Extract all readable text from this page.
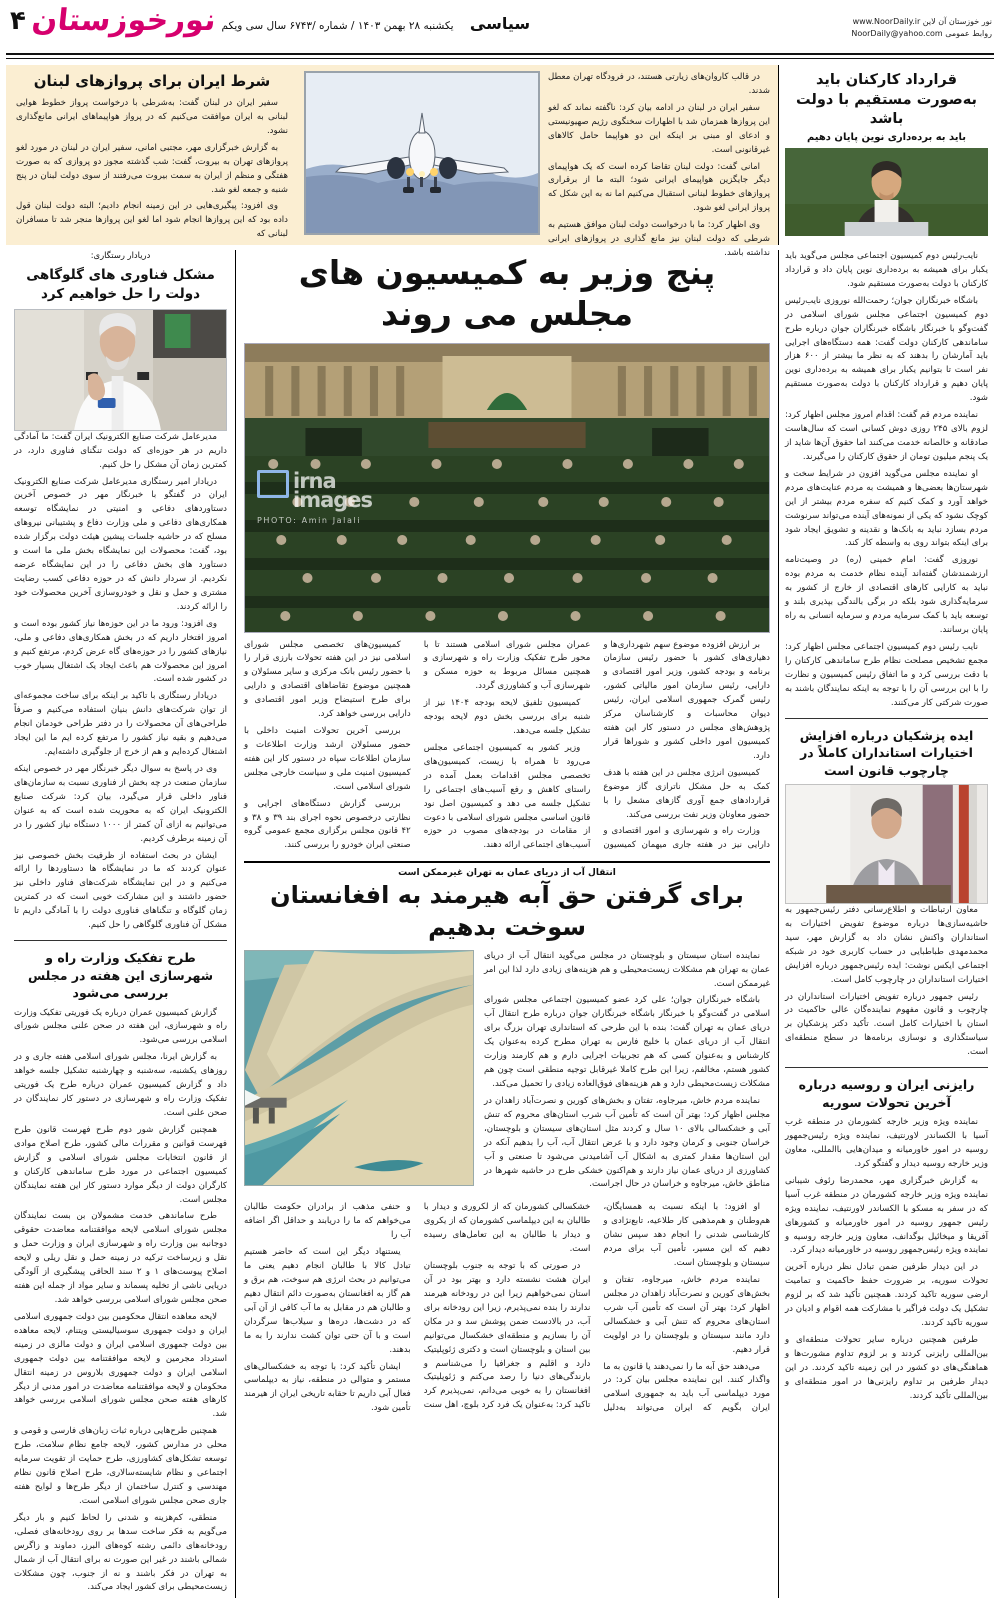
نور خوزستان آن لاین www.NoorDaily.ir
روابط عمومی NoorDaily@yahoo.com
سیاسی
یکشنبه ۲۸ بهمن ۱۴۰۳ / شماره /۶۷۴۳ سال سی ویکم
نورخوزستان
۴
قرارداد کارکنان باید به‌صورت مستقیم با دولت باشد
باید به برده‌داری نوین پایان دهیم

در قالب کاروان‌های زیارتی هستند، در فرودگاه تهران معطل شدند.

سفیر ایران در لبنان در ادامه بیان کرد: ناگفته نماند که لغو این پروازها همزمان شد با اظهارات سخنگوی رژیم صهیونیستی و ادعای او مبنی بر اینکه این دو هواپیما حامل کالاهای غیرقانونی است.

امانی گفت: دولت لبنان تقاضا کرده است که یک هواپیمای دیگر جایگزین هواپیمای ایرانی شود؛ البته ما از برقراری پروازهای خطوط لبنانی استقبال می‌کنیم اما نه به این شکل که پرواز ایرانی لغو شود.

وی اظهار کرد: ما با درخواست دولت لبنان موافق هستیم به شرطی که دولت لبنان نیز مانع گذاری در پروازهای ایرانی نداشته باشد.

شرط ایران برای پروازهای لبنان

سفیر ایران در لبنان گفت: به‌شرطی با درخواست پرواز خطوط هوایی لبنانی به ایران موافقت می‌کنیم که در پرواز هواپیماهای ایرانی مانع‌گذاری نشود.

به گزارش خبرگزاری مهر، مجتبی امانی، سفیر ایران در لبنان در مورد لغو پروازهای تهران به بیروت، گفت: شب گذشته مجوز دو پروازی که به صورت هفتگی و منظم از ایران به سمت بیروت می‌رفتند از سوی دولت لبنان در پنج شنبه و جمعه لغو شد.

وی افزود: پیگیری‌هایی در این زمینه انجام دادیم؛ البته دولت لبنان قول داده بود که این پروازها انجام شود اما لغو این پروازها منجر شد تا مسافران لبنانی که

نایب‌رئیس دوم کمیسیون اجتماعی مجلس می‌گوید باید یکبار برای همیشه به برده‌داری نوین پایان داد و قرارداد کارکنان با دولت به‌صورت مستقیم شود.

باشگاه خبرنگاران جوان؛ رحمت‌الله نوروزی نایب‌رئیس دوم کمیسیون اجتماعی مجلس شورای اسلامی در گفت‌وگو با خبرنگار باشگاه خبرنگاران جوان درباره طرح ساماندهی کارکنان دولت گفت: همه دستگاه‌های اجرایی باید آمارشان را بدهند که به نظر ما بیشتر از ۶۰۰ هزار نفر است تا بتوانیم یکبار برای همیشه به برده‌داری نوین پایان دهیم و قرارداد کارکنان با دولت به‌صورت مستقیم شود.

نماینده مردم قم گفت: اقدام امروز مجلس اظهار کرد: لزوم بالای ۲۴۵ روزی دوش کسانی است که سال‌هاست صادقانه و خالصانه خدمت می‌کنند اما حقوق آن‌ها شاید از یک پنجم میلیون تومان از حقوق کارکنان را می‌گیرند.

او نماینده مجلس می‌گوید افزون در شرایط سخت و شهرستان‌ها بعضی‌ها و همیشت به مردم عنایت‌های مردم خواهد آورد و کمک کنیم که سفره مردم بیشتر از این کوچک نشود که یکی از نمونه‌های آینده می‌تواند سرنوشت مردم بسازد نباید به بانک‌ها و نقدینه و تشویق ایجاد شود برای اینکه بتواند روی به واسطه کار کند.

نوروزی گفت: امام خمینی (ره) در وصیت‌نامه ارزشمندشان گفته‌اند آینده نظام خدمت به مردم بوده نباید به کارایی کارهای اقتصادی از خارج از کشور به سرمایه‌گذاری شود بلکه در برگی بالندگی بپذیری بلند و توسعه باید با کمک سرمایه مردم و سرمایه انسانی به راه پایان برسانند.

نایب رئیس دوم کمیسیون اجتماعی مجلس اظهار کرد: مجمع تشخیص مصلحت نظام طرح ساماندهی کارکنان را با دقت بررسی کرد و ما اتفاق رئیس کمیسیون و نظارت را با این بررسی آن را با توجه به اینکه نمایندگان باشند به صورت شرکتی کار می‌کنند.

ایده پزشکیان درباره افزایش اختیارات استانداران کاملاً در چارچوب قانون است

معاون ارتباطات و اطلاع‌رسانی دفتر رئیس‌جمهور به حاشیه‌سازی‌ها درباره موضوع تفویض اختیارات به استانداران واکنش نشان داد به گزارش مهر، سید محمدمهدی طباطبایی در حساب کاربری خود در شبکه اجتماعی ایکس نوشت: ایده رئیس‌جمهور درباره افزایش اختیارات استانداران در چارچوب کامل است.

رئیس جمهور درباره تفویض اختیارات استانداران در چارچوب و قانون مفهوم نماینده‌گان عالی حاکمیت در استان با اختیارات کامل است. تأکید دکتر پزشکیان بر سیاستگذاری و نوسازی برنامه‌ها در سطح منطقه‌ای است.

رایزنی ایران و روسیه درباره آخرین تحولات سوریه

نماینده ویژه وزیر خارجه کشورمان در منطقه غرب آسیا با الکساندر لاورنتیف، نماینده ویژه رئیس‌جمهور روسیه در امور خاورمیانه و میدان‌هایی باالمللی، معاون وزیر خارجه روسیه دیدار و گفتگو کرد.

به گزارش خبرگزاری مهر، محمدرضا رئوف شیبانی نماینده ویژه وزیر خارجه کشورمان در منطقه غرب آسیا که در سفر به مسکو با الکساندر لاورنتیف، نماینده ویژه رئیس جمهور روسیه در امور خاورمیانه و کشورهای آفریقا و میخائیل بوگدانف، معاون وزیر خارجه روسیه و نماینده ویژه رئیس‌جمهور روسیه در خاورمیانه دیدار کرد.

در این دیدار طرفین ضمن تبادل نظر درباره آخرین تحولات سوریه، بر ضرورت حفظ حاکمیت و تمامیت ارضی سوریه تاکید کردند. همچنین تأکید شد که بر لزوم تشکیل یک دولت فراگیر با مشارکت همه اقوام و ادیان در سوریه تاکید کردند.

طرفین همچنین درباره سایر تحولات منطقه‌ای و بین‌المللی رایزنی کردند و بر لزوم تداوم مشورت‌ها و هماهنگی‌های دو کشور در این زمینه تاکید کردند. در این دیدار طرفین بر تداوم رایزنی‌ها در امور منطقه‌ای و بین‌المللی تأکید کردند.

پنج وزیر به کمیسیون های مجلس می روند
irna
images
PHOTO: Amin Jalali

بر ارزش افزوده موضوع سهم شهرداری‌ها و دهیاری‌های کشور با حضور رئیس سازمان برنامه و بودجه کشور، وزیر امور اقتصادی و دارایی، رئیس سازمان امور مالیاتی کشور، رئیس گمرک جمهوری اسلامی ایران، رئیس دیوان محاسبات و کارشناسان مرکز پژوهش‌های مجلس در دستور کار این هفته کمیسیون امور داخلی کشور و شوراها قرار دارد.

کمیسیون انرژی مجلس در این هفته با هدف کمک به حل مشکل ناترازی گاز موضوع قراردادهای جمع آوری گازهای مشعل را با حضور معاونان وزیر نفت بررسی می‌کند.

وزارت راه و شهرسازی و امور اقتصادی و دارایی نیز در هفته جاری میهمان کمیسیون عمران مجلس شورای اسلامی هستند تا با محور طرح تفکیک وزارت راه و شهرسازی و همچنین مسائل مربوط به حوزه مسکن و شهرسازی آب و کشاورزی گردد.

کمیسیون تلفیق لایحه بودجه ۱۴۰۴ نیز از شنبه برای بررسی بخش دوم لایحه بودجه تشکیل جلسه می‌دهد.

وزیر کشور به کمیسیون اجتماعی مجلس می‌رود تا همراه با زیست، کمیسیون‌های تخصصی مجلس اقدامات بعمل آمده در راستای کاهش و رفع آسیب‌های اجتماعی را تشکیل جلسه می دهد و کمیسیون اصل نود قانون اساسی مجلس شورای اسلامی با دعوت از مقامات در بودجه‌های مصوب در حوزه آسیب‌های اجتماعی ارائه دهند.

کمیسیون‌های تخصصی مجلس شورای اسلامی نیز در این هفته تحولات بارزی قرار را با حضور رئیس بانک مرکزی و سایر مسئولان و همچنین موضوع تقاضاهای اقتصادی و دارایی برای طرح استیضاح وزیر امور اقتصادی و دارایی بررسی خواهد کرد.

بررسی آخرین تحولات امنیت داخلی با حضور مسئولان ارشد وزارت اطلاعات و سازمان اطلاعات سپاه در دستور کار این هفته کمیسیون امنیت ملی و سیاست خارجی مجلس شورای اسلامی است.

بررسی گزارش دستگاه‌های اجرایی و نظارتی درخصوص نحوه اجرای بند ۳۹ و ۳۸ و ۴۲ قانون مجلس برگزاری مجمع عمومی گروه صنعتی ایران خودرو را بررسی کنند.

انتقال آب از دریای عمان به تهران غیرممکن است
برای گرفتن حق آبه هیرمند به افغانستان سوخت بدهیم

نماینده استان سیستان و بلوچستان در مجلس می‌گوید انتقال آب از دریای عمان به تهران هم مشکلات زیست‌محیطی و هم هزینه‌های زیادی دارد لذا این امر غیرممکن است.

باشگاه خبرنگاران جوان؛ علی کرد عضو کمیسیون اجتماعی مجلس شورای اسلامی در گفت‌وگو با خبرنگار باشگاه خبرنگاران جوان درباره طرح انتقال آب دریای عمان به تهران گفت: بنده با این طرحی که استانداری تهران بزرگ برای انتقال آب از دریای عمان با خلیج فارس به تهران مطرح کرده به‌عنوان یک کارشناس و به‌عنوان کسی که هم تجربیات اجرایی دارم و هم کارمند وزارت کشور هستم، مخالفم، زیرا این طرح کاملا غیرقابل توجیه منطقی است چون هم مشکلات زیست‌محیطی دارد و هم هزینه‌های فوق‌العاده زیادی را تحمیل می‌کند.

نماینده مردم خاش، میرجاوه، تفتان و بخش‌های کورین و نصرت‌آباد زاهدان در مجلس اظهار کرد: بهتر آن است که تأمین آب شرب استان‌های محروم که تنش آبی و خشکسالی بالای ۱۰ سال و کردند مثل استان‌های سیستان و بلوچستان، خراسان جنوبی و کرمان وجود دارد و با عرض انتقال آب، آب را بدهیم آنکه در این استان‌ها مقدار کمتری به اشکال آب آشامیدنی می‌شود تا صنعتی و آب کشاورزی از دریای عمان نیاز دارند و هم‌اکنون خشکی طرح در حاشیه شهرها در مناطق خاش، میرجاوه و خراسان در حال اجراست.

او افزود: با اینکه نسبت به همسایگان، هم‌وطنان و هم‌مذهبی کار طلاعیه، تابع‌نژادی و کارشناسی شدنی را انجام دهد سپس نشان دهیم که این مسیر، تأمین آب برای مردم سیستان و بلوچستان است.

نماینده مردم خاش، میرجاوه، تفتان و بخش‌های کورین و نصرت‌آباد زاهدان در مجلس اظهار کرد: بهتر آن است که تأمین آب شرب استان‌های محروم که تنش آبی و خشکسالی دارد مانند سیستان و بلوچستان را در اولویت قرار دهیم.

می‌دهند حق آبه ما را نمی‌دهند یا قانون به ما واگذار کنند. این نماینده مجلس بیان کرد: در مورد دیپلماسی آب باید به جمهوری اسلامی ایران بگویم که ایران می‌تواند به‌دلیل خشکسالی کشورمان که از لکروری و دیدار با طالبان به این دیپلماسی کشورمان که از یکروی و دیدار با طالبان به این تعامل‌های رسیده است.

در صورتی که با توجه به جنوب بلوچستان ایران هشت نشسته دارد و بهتر بود در آن استان نمی‌خواهیم زیرا این در رودخانه هیرمند ندارند را بنده نمی‌پذیرم، زیرا این رودخانه برای آب، در بالادست ضمن پوشش سد و در مکان آن را بسازیم و منطقه‌ای خشکسال می‌توانیم بین استان و بلوچستان است و دکتری ژئوپلیتیک دارد و اقلیم و جغرافیا را می‌شناسم و بارندگی‌های دنیا را رصد می‌کنم و ژئوپلیتیک افغانستان را به خوبی می‌دانم، نمی‌پذیرم کرد تاکید کرد: به‌عنوان یک فرد کرد بلوچ، اهل سنت و حنفی مذهب از برادران حکومت طالبان می‌خواهم که ما را دریابند و حداقل اگر اضافه آب را

یستنهاد دیگر این است که حاضر هستیم تبادل کالا با طالبان انجام دهیم یعنی ما می‌توانیم در بحث انرژی هم سوخت، هم برق و هم گاز به افغانستان به‌صورت دائم انتقال دهیم و طالبان هم در مقابل به ما آب کافی از آن آبی که در دشت‌ها، دره‌ها و سیلاب‌ها سرگردان است و با آن حتی توان کشت ندارند را به ما بدهند.

ایشان تأکید کرد: با توجه به خشکسالی‌های مستمر و متوالی در منطقه، نیاز به دیپلماسی فعال آبی داریم تا حقابه تاریخی ایران از هیرمند تأمین شود.

دریادار رستگاری:
مشکل فناوری های گلوگاهی دولت را حل خواهیم کرد

مدیرعامل شرکت صنایع الکترونیک ایران گفت: ما آمادگی داریم در هر حوزه‌ای که دولت تنگنای فناوری دارد، در کمترین زمان آن مشکل را حل کنیم.

دریادار امیر رستگاری مدیرعامل شرکت صنایع الکترونیک ایران در گفتگو با خبرنگار مهر در خصوص آخرین دستاوردهای دفاعی و امنیتی در نمایشگاه توسعه همکاری‌های دفاعی و ملی وزارت دفاع و پشتیبانی نیروهای مسلح که در حاشیه جلسات پیشین هیئت دولت برگزار شده بود، گفت: محصولات این نمایشگاه بخش ملی ما است و دستاورد های بخش دفاعی را در این نمایشگاه عرضه نکردیم. از سردار دانش که در حوزه دفاعی کسب رضایت مشتری و حمل و نقل و خودروسازی آخرین محصولات خود را ارائه کردند.

وی افزود: ورود ما در این حوزه‌ها نیاز کشور بوده است و امروز افتخار داریم که در بخش همکاری‌های دفاعی و ملی، نیازهای کشور را در حوزه‌های گاه عرض کردم، مرتفع کنیم و امروز این محصولات هم باعث ایجاد یک اشتغال بسیار خوب در کشور شده است.

دریادار رستگاری با تاکید بر اینکه برای ساخت مجموعه‌ای از توان شرکت‌های دانش بنیان استفاده می‌کنیم و صرفاً طراحی‌های آن محصولات را در دفتر طراحی خودمان انجام می‌دهیم و بقیه نیاز کشور را مرتفع کرده ایم ما این ایجاد اشتغال کرده‌ایم و هم از خرج از جلوگیری داشته‌ایم.

وی در پاسخ به سوال دیگر خبرنگار مهر در خصوص اینکه سازمان صنعت در چه بخش از فناوری نسبت به سازمان‌های فناور داخلی قرار می‌گیرد، بیان کرد: شرکت صنایع الکترونیک ایران که به محوریت شده است که به عنوان می‌توانیم به ازای آن کمتر از ۱۰۰۰ دستگاه نیاز کشور را در آن زمینه برطرف کردیم.

ایشان در بحث استفاده از ظرفیت بخش خصوصی نیز عنوان کردند که ما در نمایشگاه ها دستاوردها را ارائه می‌کنیم و در این نمایشگاه شرکت‌های فناور داخلی نیز حضور داشتند و این مشارکت خوبی است که در کمترین زمان گلوگاه و تنگناهای فناوری دولت را با آمادگی داریم تا مشکل آن فناوری گلوگاهی را حل کنیم.

طرح تفکیک وزارت راه و شهرسازی این هفته در مجلس بررسی می‌شود

گزارش کمیسیون عمران درباره یک فوریتی تفکیک وزارت راه و شهرسازی، این هفته در صحن علنی مجلس شورای اسلامی بررسی می‌شود.

به گزارش ایرنا، مجلس شورای اسلامی هفته جاری و در روزهای یکشنبه، سه‌شنبه و چهارشنبه تشکیل جلسه خواهد داد و گزارش کمیسیون عمران درباره طرح یک فوریتی تفکیک وزارت راه و شهرسازی در دستور کار نمایندگان در صحن علنی است.

همچنین گزارش شور دوم طرح فهرست قانون طرح فهرست قوانین و مقررات مالی کشور، طرح اصلاح موادی از قانون انتخابات مجلس شورای اسلامی و گزارش کمیسیون اجتماعی در مورد طرح ساماندهی کارکنان و کارگران دولت از دیگر موارد دستور کار این هفته نمایندگان مجلس است.

طرح ساماندهی خدمت مشمولان بن بست نمایندگان مجلس شورای اسلامی لایحه موافقتنامه معاضدت حقوقی دوجانبه بین وزارت راه و شهرسازی ایران و وزارت حمل و نقل و زیرساخت ترکیه در زمینه حمل و نقل ریلی و لایحه اصلاح پیوست‌های ۱ و ۲ سند الحاقی پیشگیری از آلودگی دریایی ناشی از تخلیه پسماند و سایر مواد از جمله این هفته صحن مجلس شورای اسلامی بررسی خواهد شد.

لایحه معاهده انتقال محکومین بین دولت جمهوری اسلامی ایران و دولت جمهوری سوسیالیستی ویتنام، لایحه معاهده بین دولت جمهوری اسلامی ایران و دولت مالزی در زمینه استرداد مجرمین و لایحه موافقتنامه بین دولت جمهوری اسلامی ایران و دولت جمهوری بلاروس در زمینه انتقال محکومان و لایحه موافقتنامه معاضدت در امور مدنی از دیگر کارهای هفته صحن مجلس شورای اسلامی بررسی خواهد شد.

همچنین طرح‌هایی درباره ثبات زبان‌های فارسی و قومی و محلی در مدارس کشور، لایحه جامع نظام سلامت، طرح توسعه تشکل‌های کشاورزی، طرح حمایت از تقویت سرمایه اجتماعی و نظام شایسته‌سالاری، طرح اصلاح قانون نظام مهندسی و کنترل ساختمان از دیگر طرح‌ها و لوایح هفته جاری صحن مجلس شورای اسلامی است.

منطقی، کم‌هزینه و شدنی را لحاظ کنیم و بار دیگر می‌گویم به فکر ساخت سدها بر روی رودخانه‌های فصلی، رودخانه‌های دائمی رشته کوه‌های البرز، دماوند و زاگرس شمالی باشند در غیر این صورت نه برای انتقال آب از شمال به تهران در فکر باشند و نه از جنوب، چون مشکلات زیست‌محیطی برای کشور ایجاد می‌کند.
